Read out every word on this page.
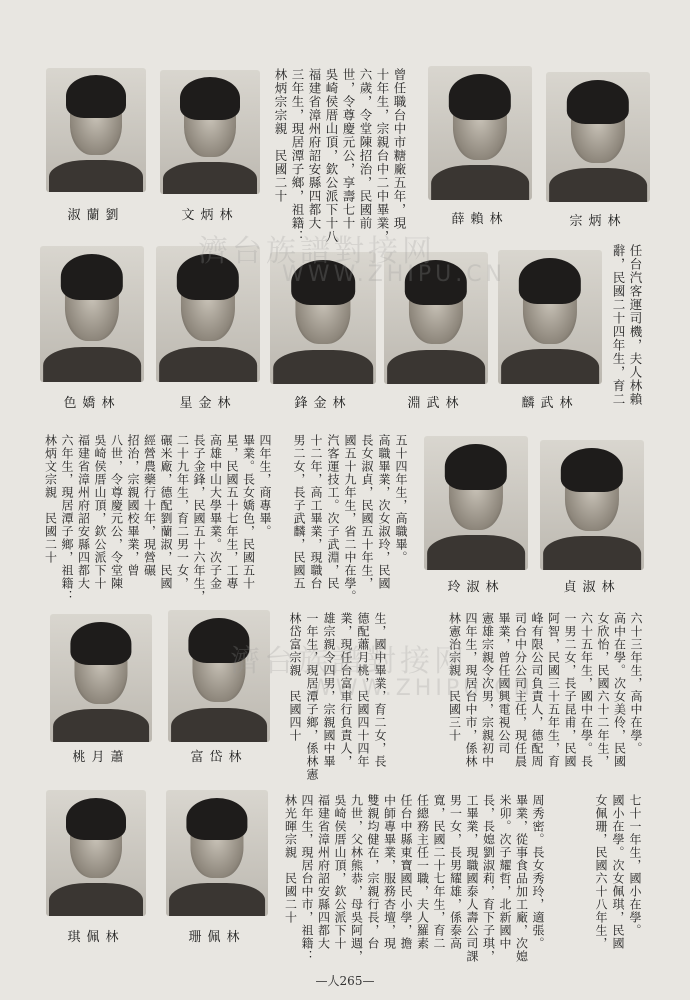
淑蘭劉	文炳林	薛賴林	宗炳林
曾任職台中市糖廠五年，現
十年生，宗親台中二中畢業，
六歲，令堂陳招治，民國前
世，令尊慶元公，享壽七十
吳崎侯厝山頂，欽公派下十八
福建省漳州府詔安縣四都大
三年生，現居潭子鄉，祖籍：
林炳宗宗親　民國二十
色嬌林	星金林	鋒金林	淵武林	麟武林	任台汽客運司機，夫人林賴
辭，民國二十四年生，育二
四年生，商專畢。
畢業。長女嬌色，民國五十
星，民國五十七年生，工專
高雄中山大學畢業。次子金
長子金鋒，民國五十六年生，
二十九年生，育二男一女，
碾米廠，德配劉蘭淑，民國
經營農藥行十年，現營碾
招治，宗親國校畢業，曾
八世，令尊慶元公，令堂陳
吳崎侯厝山頂，欽公派下十
福建省漳州府詔安縣四都大
六年生，現居潭子鄉，祖籍：
林炳文宗親　民國二十	五十四年生，高職畢。
高職畢業，次女淑玲，民國
長女淑貞，民國五十年生，
國五十九年生，省二中在學。
汽客運技工。次子武淵，民
十二年，高工畢業，現職台
男二女，長子武麟，民國五	玲淑林	貞淑林
桃月蕭	富岱林	生，國中畢業，育二女，長
德配蕭月桃，民國四十四年
業，現任台富車行負責人，
雄宗親令四男，宗親國中畢
一年生，現居潭子鄉，係林憲
林岱富宗親　民國四十	六十三年生，高中在學。
高中在學。次女美伶，民國
女欣怡，民國六十二年生，
六十五年生，國中在學。長
一男二女，長子昆甫，民國
阿智，民國三十五年生，育
峰有限公司負責人，德配周
司台中分公司主任，現任晨
畢業，曾任國興電視公司
憲雄宗親令次男，宗親初中
四年生，現居台中市，係林
林憲治宗親　民國三十
琪佩林	珊佩林	周秀密。長女秀玲，適張。
畢業，從事食品加工廠，次媳
米卯。次子耀哲，北新國中
長，長媳劉淑莉，育下子琪，
工畢業，現職國泰人壽公司課
男一女，長男耀雄，係泰高
寬，民國二十七年生，育二
任總務主任一職，夫人羅素
任台中縣東寶國民小學，擔
中師專畢業，服務杏壇，現
雙親均健在，宗親行長，台
九世，父林熊恭，母吳阿週，
吳崎侯厝山頂，欽公派下十
福建省漳州府詔安縣四都大
四年生，現居台中市，祖籍：
林光暉宗親　民國二十	七十一年生，國小在學。
國小在學。次女佩琪，民國
女佩珊，民國六十八年生，
濟台族譜對接网
WWW.ZHIPU.CN
濟台族譜對接网
WWW.ZHIPU.CN
—人265—
